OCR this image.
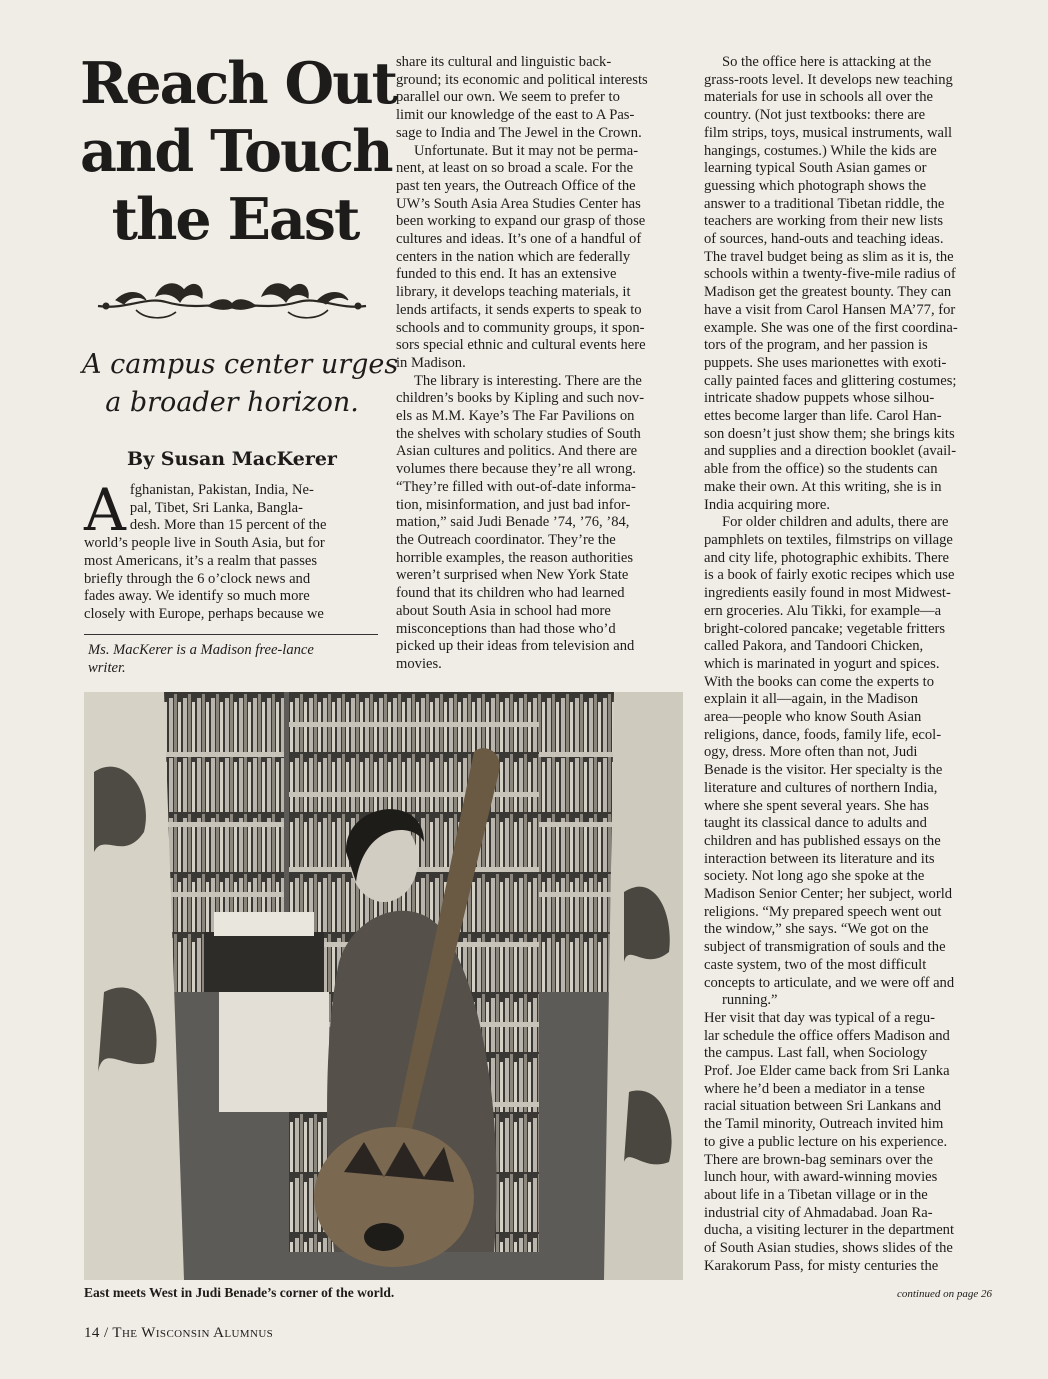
Reach Out
and Touch
the East
A campus center urges
a broader horizon.
By Susan MacKerer
A fghanistan, Pakistan, India, Ne-
pal, Tibet, Sri Lanka, Bangla-
desh. More than 15 percent of the
world’s people live in South Asia, but for
most Americans, it’s a realm that passes
briefly through the 6 o’clock news and
fades away. We identify so much more
closely with Europe, perhaps because we
Ms. MacKerer is a Madison free-lance
writer.
share its cultural and linguistic back-
ground; its economic and political interests
parallel our own. We seem to prefer to
limit our knowledge of the east to A Pas-
sage to India and The Jewel in the Crown.
Unfortunate. But it may not be perma-
nent, at least on so broad a scale. For the
past ten years, the Outreach Office of the
UW’s South Asia Area Studies Center has
been working to expand our grasp of those
cultures and ideas. It’s one of a handful of
centers in the nation which are federally
funded to this end. It has an extensive
library, it develops teaching materials, it
lends artifacts, it sends experts to speak to
schools and to community groups, it spon-
sors special ethnic and cultural events here
in Madison.
The library is interesting. There are the
children’s books by Kipling and such nov-
els as M.M. Kaye’s The Far Pavilions on
the shelves with scholary studies of South
Asian cultures and politics. And there are
volumes there because they’re all wrong.
“They’re filled with out-of-date informa-
tion, misinformation, and just bad infor-
mation,” said Judi Benade ’74, ’76, ’84,
the Outreach coordinator. They’re the
horrible examples, the reason authorities
weren’t surprised when New York State
found that its children who had learned
about South Asia in school had more
misconceptions than had those who’d
picked up their ideas from television and
movies.
So the office here is attacking at the
grass-roots level. It develops new teaching
materials for use in schools all over the
country. (Not just textbooks: there are
film strips, toys, musical instruments, wall
hangings, costumes.) While the kids are
learning typical South Asian games or
guessing which photograph shows the
answer to a traditional Tibetan riddle, the
teachers are working from their new lists
of sources, hand-outs and teaching ideas.
The travel budget being as slim as it is, the
schools within a twenty-five-mile radius of
Madison get the greatest bounty. They can
have a visit from Carol Hansen MA’77, for
example. She was one of the first coordina-
tors of the program, and her passion is
puppets. She uses marionettes with exoti-
cally painted faces and glittering costumes;
intricate shadow puppets whose silhou-
ettes become larger than life. Carol Han-
son doesn’t just show them; she brings kits
and supplies and a direction booklet (avail-
able from the office) so the students can
make their own. At this writing, she is in
India acquiring more.
For older children and adults, there are
pamphlets on textiles, filmstrips on village
and city life, photographic exhibits. There
is a book of fairly exotic recipes which use
ingredients easily found in most Midwest-
ern groceries. Alu Tikki, for example—a
bright-colored pancake; vegetable fritters
called Pakora, and Tandoori Chicken,
which is marinated in yogurt and spices.
With the books can come the experts to
explain it all—again, in the Madison
area—people who know South Asian
religions, dance, foods, family life, ecol-
ogy, dress. More often than not, Judi
Benade is the visitor. Her specialty is the
literature and cultures of northern India,
where she spent several years. She has
taught its classical dance to adults and
children and has published essays on the
interaction between its literature and its
society. Not long ago she spoke at the
Madison Senior Center; her subject, world
religions. “My prepared speech went out
the window,” she says. “We got on the
subject of transmigration of souls and the
caste system, two of the most difficult
concepts to articulate, and we were off and
running.”
Her visit that day was typical of a regu-
lar schedule the office offers Madison and
the campus. Last fall, when Sociology
Prof. Joe Elder came back from Sri Lanka
where he’d been a mediator in a tense
racial situation between Sri Lankans and
the Tamil minority, Outreach invited him
to give a public lecture on his experience.
There are brown-bag seminars over the
lunch hour, with award-winning movies
about life in a Tibetan village or in the
industrial city of Ahmadabad. Joan Ra-
ducha, a visiting lecturer in the department
of South Asian studies, shows slides of the
Karakorum Pass, for misty centuries the
East meets West in Judi Benade’s corner of the world.	continued on page 26
14 / The Wisconsin Alumnus
